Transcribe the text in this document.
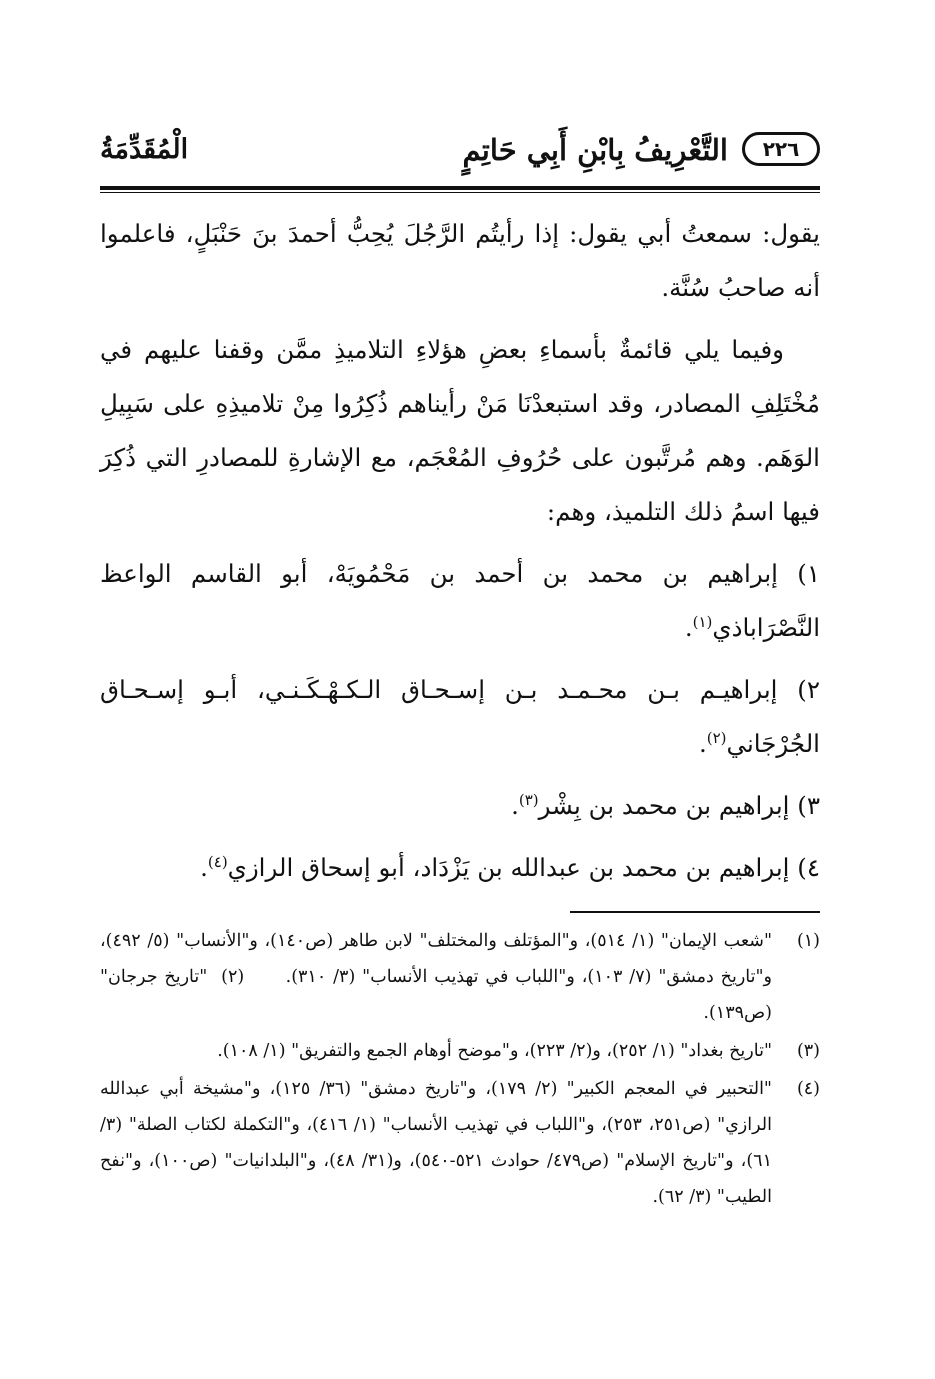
٢٢٦
التَّعْرِيفُ بِابْنِ أَبِي حَاتِمٍ
الْمُقَدِّمَةُ

يقول: سمعتُ أبي يقول: إذا رأيتُم الرَّجُلَ يُحِبُّ أحمدَ بنَ حَنْبَلٍ، فاعلموا أنه صاحبُ سُنَّة.

وفيما يلي قائمةٌ بأسماءِ بعضِ هؤلاءِ التلاميذِ ممَّن وقفنا عليهم في مُخْتَلِفِ المصادر، وقد استبعدْنَا مَنْ رأيناهم ذُكِرُوا مِنْ تلاميذِهِ على سَبِيلِ الوَهَم. وهم مُرتَّبون على حُرُوفِ المُعْجَم، مع الإشارةِ للمصادرِ التي ذُكِرَ فيها اسمُ ذلك التلميذ، وهم:

١) إبراهيم بن محمد بن أحمد بن مَحْمُويَهْ، أبو القاسم الواعظ النَّصْرَاباذي$^{(١)}$.

٢) إبراهيـم بـن محـمـد بـن إسـحـاق الـكـهْـكَـنـي، أبـو إسـحـاق الجُرْجَاني$^{(٢)}$.

٣) إبراهيم بن محمد بن بِشْر$^{(٣)}$.

٤) إبراهيم بن محمد بن عبدالله بن يَزْدَاد، أبو إسحاق الرازي$^{(٤)}$.

(١)
"شعب الإيمان" (١/ ٥١٤)، و"المؤتلف والمختلف" لابن طاهر (ص١٤٠)، و"الأنساب" (٥/ ٤٩٢)، و"تاريخ دمشق" (٧/ ١٠٣)، و"اللباب في تهذيب الأنساب" (٣/ ٣١٠).      (٢)  "تاريخ جرجان" (ص١٣٩).
(٣)
"تاريخ بغداد" (١/ ٢٥٢)، و(٢/ ٢٢٣)، و"موضح أوهام الجمع والتفريق" (١/ ١٠٨).
(٤)
"التحبير في المعجم الكبير" (٢/ ١٧٩)، و"تاريخ دمشق" (٣٦/ ١٢٥)، و"مشيخة أبي عبدالله الرازي" (ص٢٥١، ٢٥٣)، و"اللباب في تهذيب الأنساب" (١/ ٤١٦)، و"التكملة لكتاب الصلة" (٣/ ٦١)، و"تاريخ الإسلام" (ص٤٧٩/ حوادث ٥٢١-٥٤٠)، و(٣١/ ٤٨)، و"البلدانيات" (ص١٠٠)، و"نفح الطيب" (٣/ ٦٢).
